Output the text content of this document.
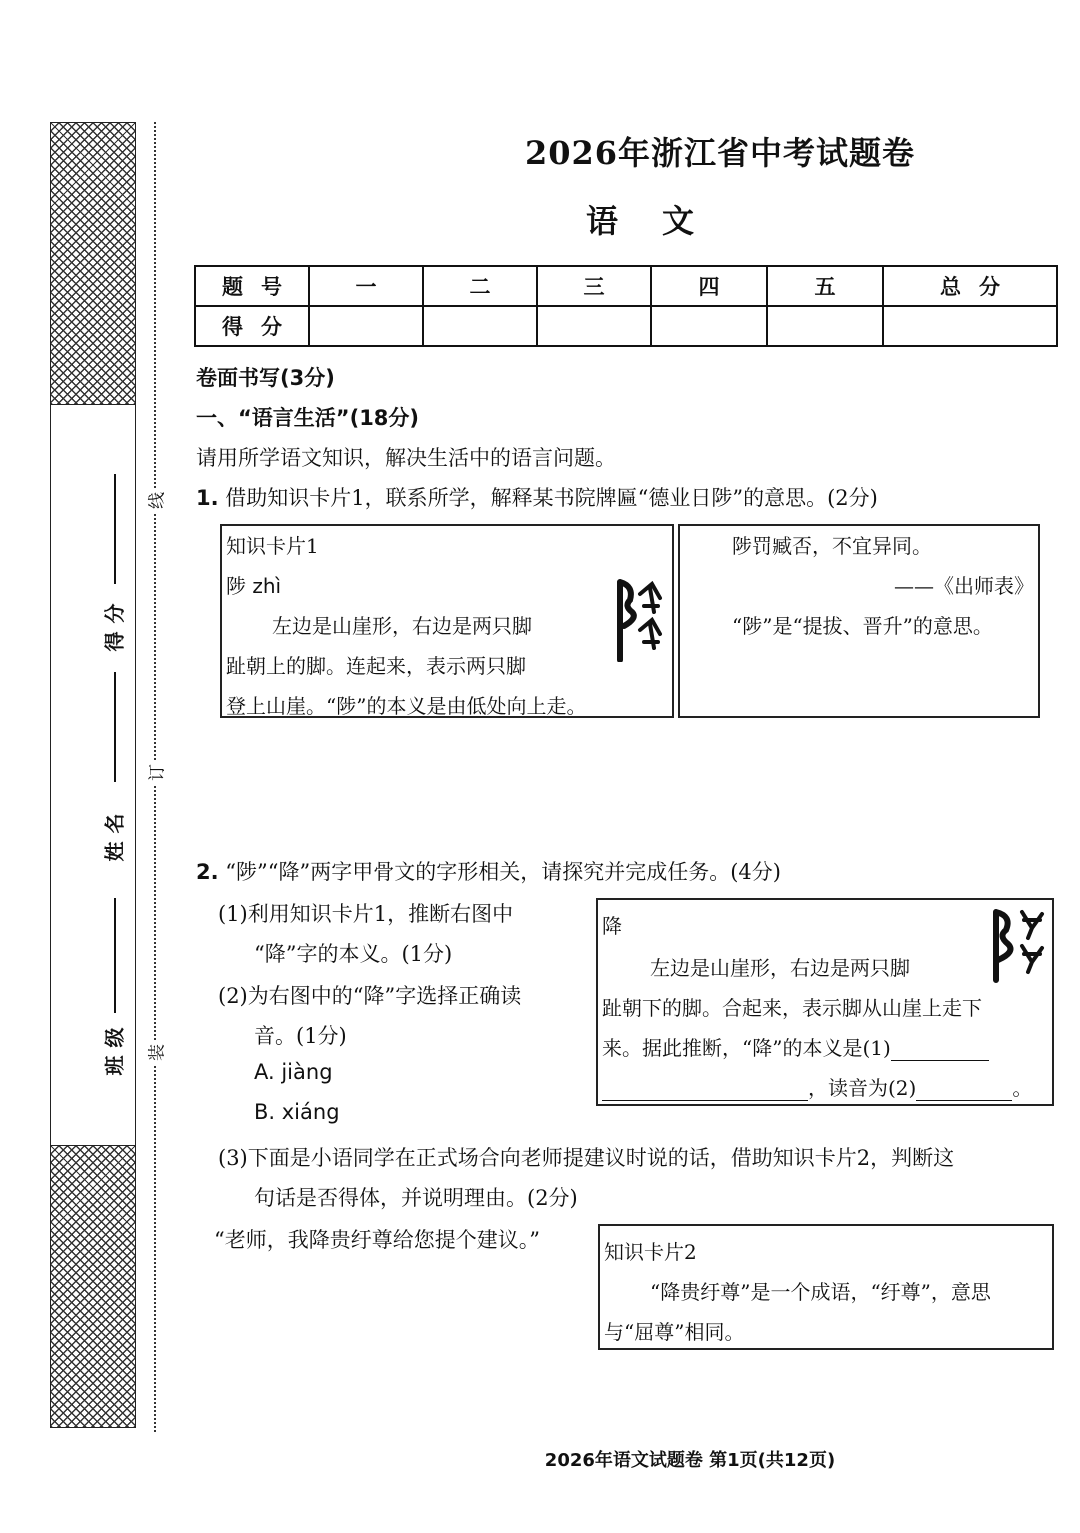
得分
姓名
班级
线
订
装
2026年浙江省中考试题卷
语文
题号	一	二	三	四	五	总分
得分						
卷面书写(3分)
一、“语言生活”(18分)
请用所学语文知识，解决生活中的语言问题。
1. 借助知识卡片1，联系所学，解释某书院牌匾“德业日陟”的意思。(2分)
知识卡片1
陟 zhì
左边是山崖形，右边是两只脚
趾朝上的脚。连起来，表示两只脚
登上山崖。“陟”的本义是由低处向上走。
陟罚臧否，不宜异同。
——《出师表》
“陟”是“提拔、晋升”的意思。
2. “陟”“降”两字甲骨文的字形相关，请探究并完成任务。(4分)
(1)利用知识卡片1，推断右图中
“降”字的本义。(1分)
(2)为右图中的“降”字选择正确读
音。(1分)
A. jiàng
B. xiáng
降
左边是山崖形，右边是两只脚
趾朝下的脚。合起来，表示脚从山崖上走下
来。据此推断，“降”的本义是(1)
，读音为(2)	。
(3)下面是小语同学在正式场合向老师提建议时说的话，借助知识卡片2，判断这
句话是否得体，并说明理由。(2分)
“老师，我降贵纡尊给您提个建议。”	知识卡片2
“降贵纡尊”是一个成语，“纡尊”，意思
与“屈尊”相同。
2026年语文试题卷 第1页(共12页)
